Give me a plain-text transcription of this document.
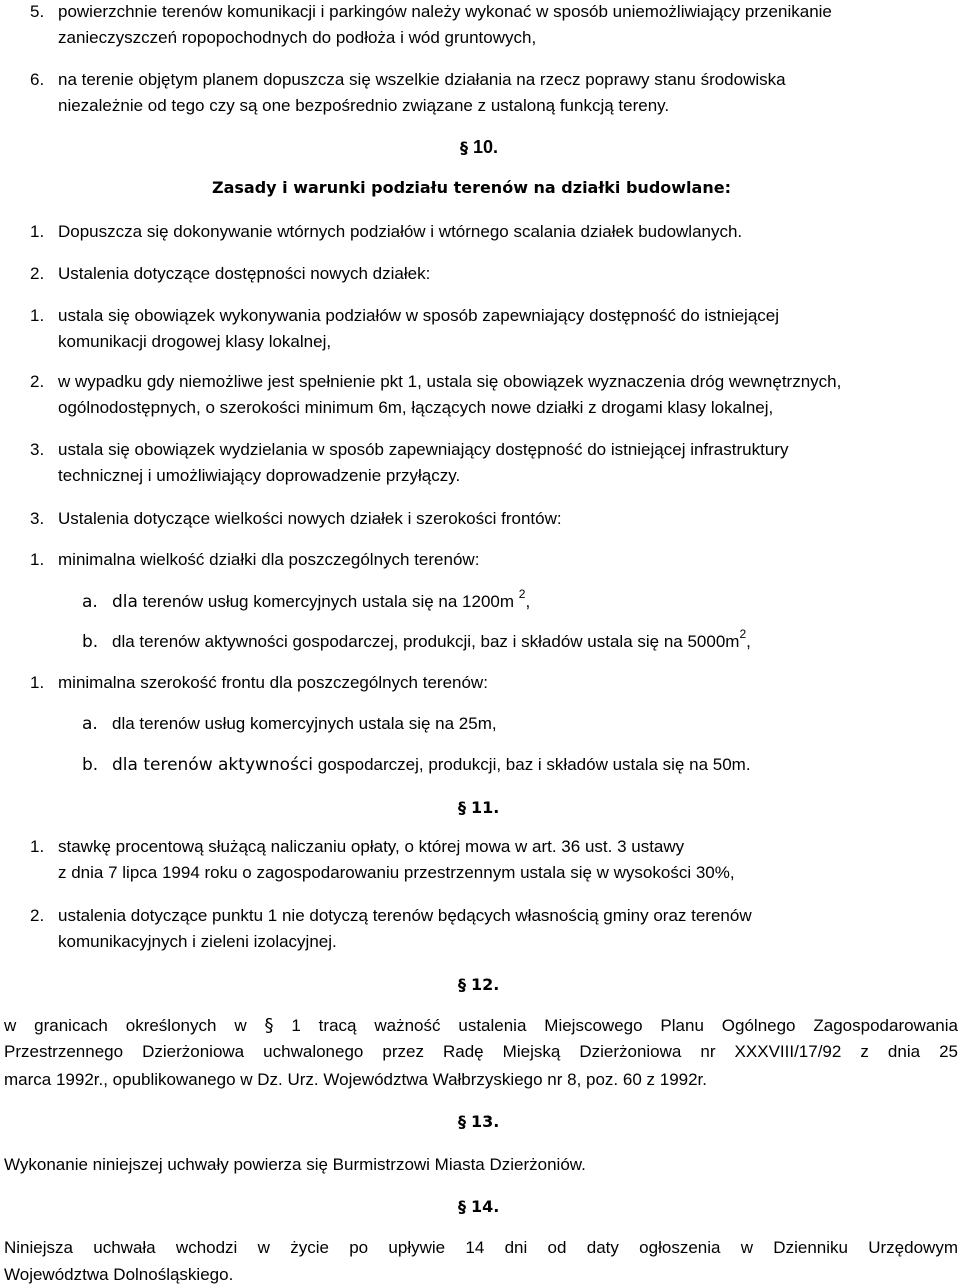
5. powierzchnie terenów komunikacji i parkingów należy wykonać w sposób uniemożliwiający przenikanie
zanieczyszczeń ropopochodnych do podłoża i wód gruntowych,
6. na terenie objętym planem dopuszcza się wszelkie działania na rzecz poprawy stanu środowiska
niezależnie od tego czy są one bezpośrednio związane z ustaloną funkcją tereny.
§ 10.
Zasady i warunki podziału terenów na działki budowlane:
1. Dopuszcza się dokonywanie wtórnych podziałów i wtórnego scalania działek budowlanych.
2. Ustalenia dotyczące dostępności nowych działek:
1. ustala się obowiązek wykonywania podziałów w sposób zapewniający dostępność do istniejącej
komunikacji drogowej klasy lokalnej,
2. w wypadku gdy niemożliwe jest spełnienie pkt 1, ustala się obowiązek wyznaczenia dróg wewnętrznych,
ogólnodostępnych, o szerokości minimum 6m, łączących nowe działki z drogami klasy lokalnej,
3. ustala się obowiązek wydzielania w sposób zapewniający dostępność do istniejącej infrastruktury
technicznej i umożliwiający doprowadzenie przyłączy.
3. Ustalenia dotyczące wielkości nowych działek i szerokości frontów:
1. minimalna wielkość działki dla poszczególnych terenów:
a. dla terenów usług komercyjnych ustala się na 1200m $^2$,
b. dla terenów aktywności gospodarczej, produkcji, baz i składów ustala się na $5000m^2$,
1. minimalna szerokość frontu dla poszczególnych terenów:
a. dla terenów usług komercyjnych ustala się na 25m,
b. dla terenów aktywności gospodarczej, produkcji, baz i składów ustala się na 50m.
§ 11.
1. stawkę procentową służącą naliczaniu opłaty, o której mowa w art. 36 ust. 3 ustawy
z dnia 7 lipca 1994 roku o zagospodarowaniu przestrzennym ustala się w wysokości 30%,
2. ustalenia dotyczące punktu 1 nie dotyczą terenów będących własnością gminy oraz terenów
komunikacyjnych i zieleni izolacyjnej.
§ 12.
w granicach określonych w § 1 tracą ważność ustalenia Miejscowego Planu Ogólnego Zagospodarowania
Przestrzennego Dzierżoniowa uchwalonego przez Radę Miejską Dzierżoniowa nr XXXVIII/17/92 z dnia 25
marca 1992r., opublikowanego w Dz. Urz. Województwa Wałbrzyskiego nr 8, poz. 60 z 1992r.
§ 13.
Wykonanie niniejszej uchwały powierza się Burmistrzowi Miasta Dzierżoniów.
§ 14.
Niniejsza uchwała wchodzi w życie po upływie 14 dni od daty ogłoszenia w Dzienniku Urzędowym
Województwa Dolnośląskiego.
